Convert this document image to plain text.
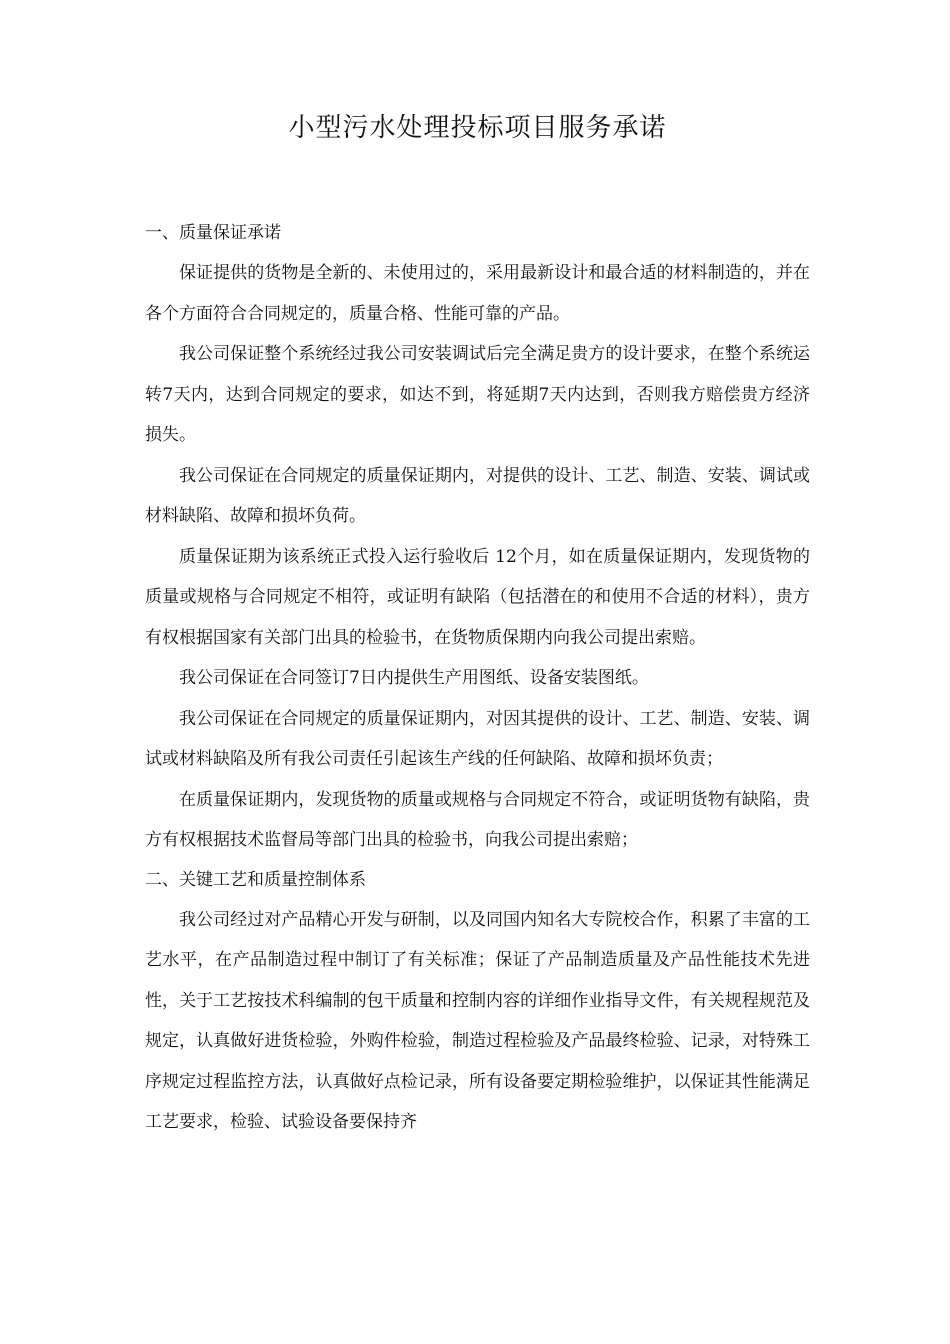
小型污水处理投标项目服务承诺
一、质量保证承诺

保证提供的货物是全新的、未使用过的，采用最新设计和最合适的材料制造的，并在各个方面符合合同规定的，质量合格、性能可靠的产品。

我公司保证整个系统经过我公司安装调试后完全满足贵方的设计要求，在整个系统运转7天内，达到合同规定的要求，如达不到，将延期7天内达到，否则我方赔偿贵方经济损失。

我公司保证在合同规定的质量保证期内，对提供的设计、工艺、制造、安装、调试或材料缺陷、故障和损坏负荷。

质量保证期为该系统正式投入运行验收后 12个月，如在质量保证期内，发现货物的质量或规格与合同规定不相符，或证明有缺陷（包括潜在的和使用不合适的材料），贵方有权根据国家有关部门出具的检验书，在货物质保期内向我公司提出索赔。

我公司保证在合同签订7日内提供生产用图纸、设备安装图纸。

我公司保证在合同规定的质量保证期内，对因其提供的设计、工艺、制造、安装、调试或材料缺陷及所有我公司责任引起该生产线的任何缺陷、故障和损坏负责；

在质量保证期内，发现货物的质量或规格与合同规定不符合，或证明货物有缺陷，贵方有权根据技术监督局等部门出具的检验书，向我公司提出索赔；

二、关键工艺和质量控制体系

我公司经过对产品精心开发与研制，以及同国内知名大专院校合作，积累了丰富的工艺水平，在产品制造过程中制订了有关标准；保证了产品制造质量及产品性能技术先进性，关于工艺按技术科编制的包干质量和控制内容的详细作业指导文件，有关规程规范及规定，认真做好进货检验，外购件检验，制造过程检验及产品最终检验、记录，对特殊工序规定过程监控方法，认真做好点检记录，所有设备要定期检验维护，以保证其性能满足工艺要求，检验、试验设备要保持齐
